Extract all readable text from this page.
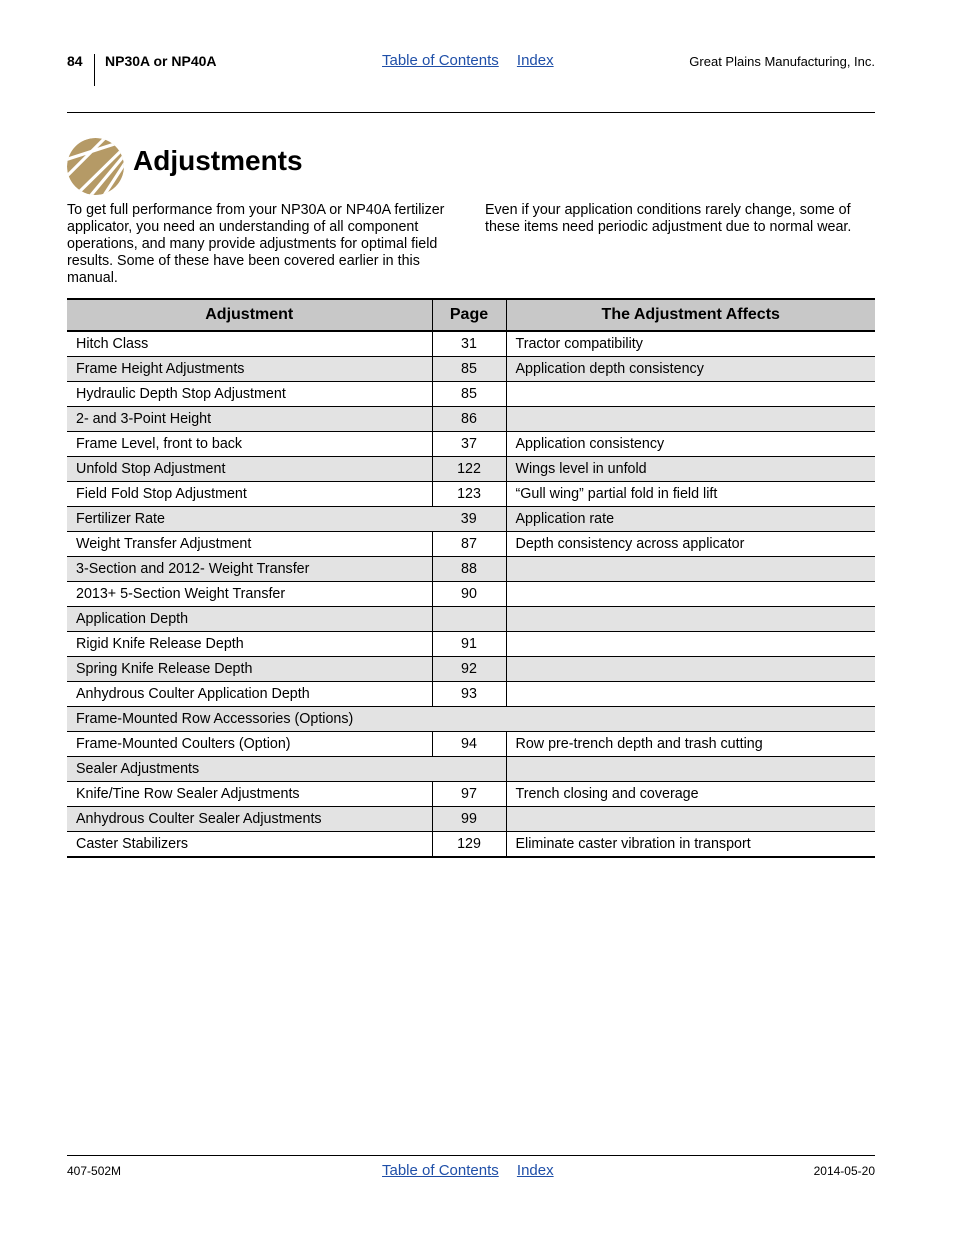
84 NP30A or NP40A	Table of Contents Index	Great Plains Manufacturing, Inc.
Adjustments

To get full performance from your NP30A or NP40A fertilizer applicator, you need an understanding of all component operations, and many provide adjustments for optimal field results. Some of these have been covered earlier in this manual.

Even if your application conditions rarely change, some of these items need periodic adjustment due to normal wear.

Adjustment	Page	The Adjustment Affects
Hitch Class	31	Tractor compatibility
Frame Height Adjustments	85	Application depth consistency
Hydraulic Depth Stop Adjustment	85	
2- and 3-Point Height	86	
Frame Level, front to back	37	Application consistency
Unfold Stop Adjustment	122	Wings level in unfold
Field Fold Stop Adjustment	123	“Gull wing” partial fold in field lift
Fertilizer Rate	39	Application rate
Weight Transfer Adjustment	87	Depth consistency across applicator
3-Section and 2012- Weight Transfer	88	
2013+ 5-Section Weight Transfer	90	
Application Depth		
Rigid Knife Release Depth	91	
Spring Knife Release Depth	92	
Anhydrous Coulter Application Depth	93	
Frame-Mounted Row Accessories (Options)		
Frame-Mounted Coulters (Option)	94	Row pre-trench depth and trash cutting
Sealer Adjustments		
Knife/Tine Row Sealer Adjustments	97	Trench closing and coverage
Anhydrous Coulter Sealer Adjustments	99	
Caster Stabilizers	129	Eliminate caster vibration in transport
407-502M	Table of Contents Index	2014-05-20
